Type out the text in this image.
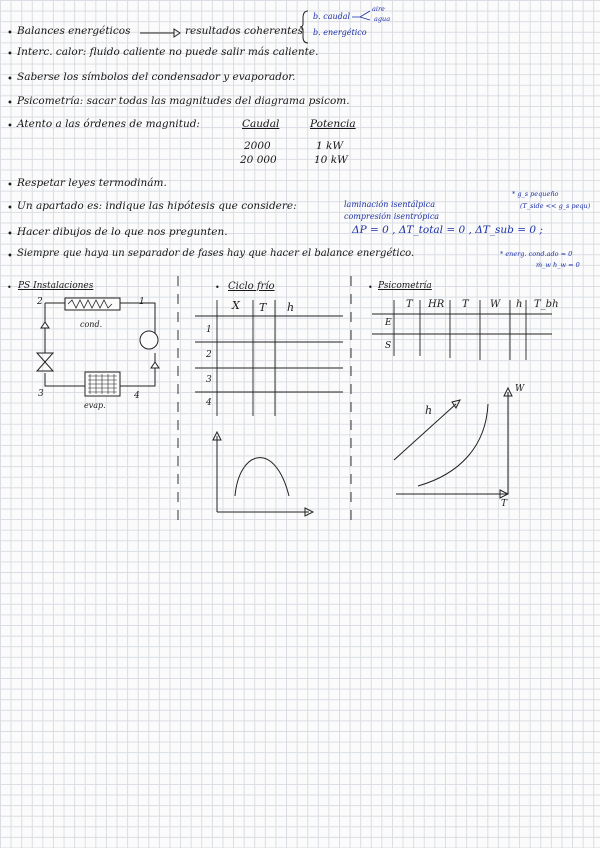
• Balances energéticos	resultados coherentes
b. caudal
aire
agua
b. energético
• Interc. calor: fluido caliente no puede salir más caliente.
• Saberse los símbolos del condensador y evaporador.
• Psicometría: sacar todas las magnitudes del diagrama psicom.
• Atento a las órdenes de magnitud:	Caudal	Potencia
2000	1 kW
20 000	10 kW
• Respetar leyes termodinám.
• Un apartado es: indique las hipótesis que considere:	laminación isentálpica
compresión isentrópica
ΔP = 0 , ΔT_total = 0 , ΔT_sub = 0 ;
* g_s pequeño
(T_side << g_s pequ)
• Hacer dibujos de lo que nos pregunten.
• Siempre que haya un separador de fases hay que hacer el balance energético.	* energ. cond.ado ≈ 0
ṁ_w h_w = 0
• PS Instalaciones	• Ciclo frío	• Psicometría
cond.
evap.
1
2
3	4
X T h
1
2
3
4
T HR T W h T_bh
E
S
h
W
T
